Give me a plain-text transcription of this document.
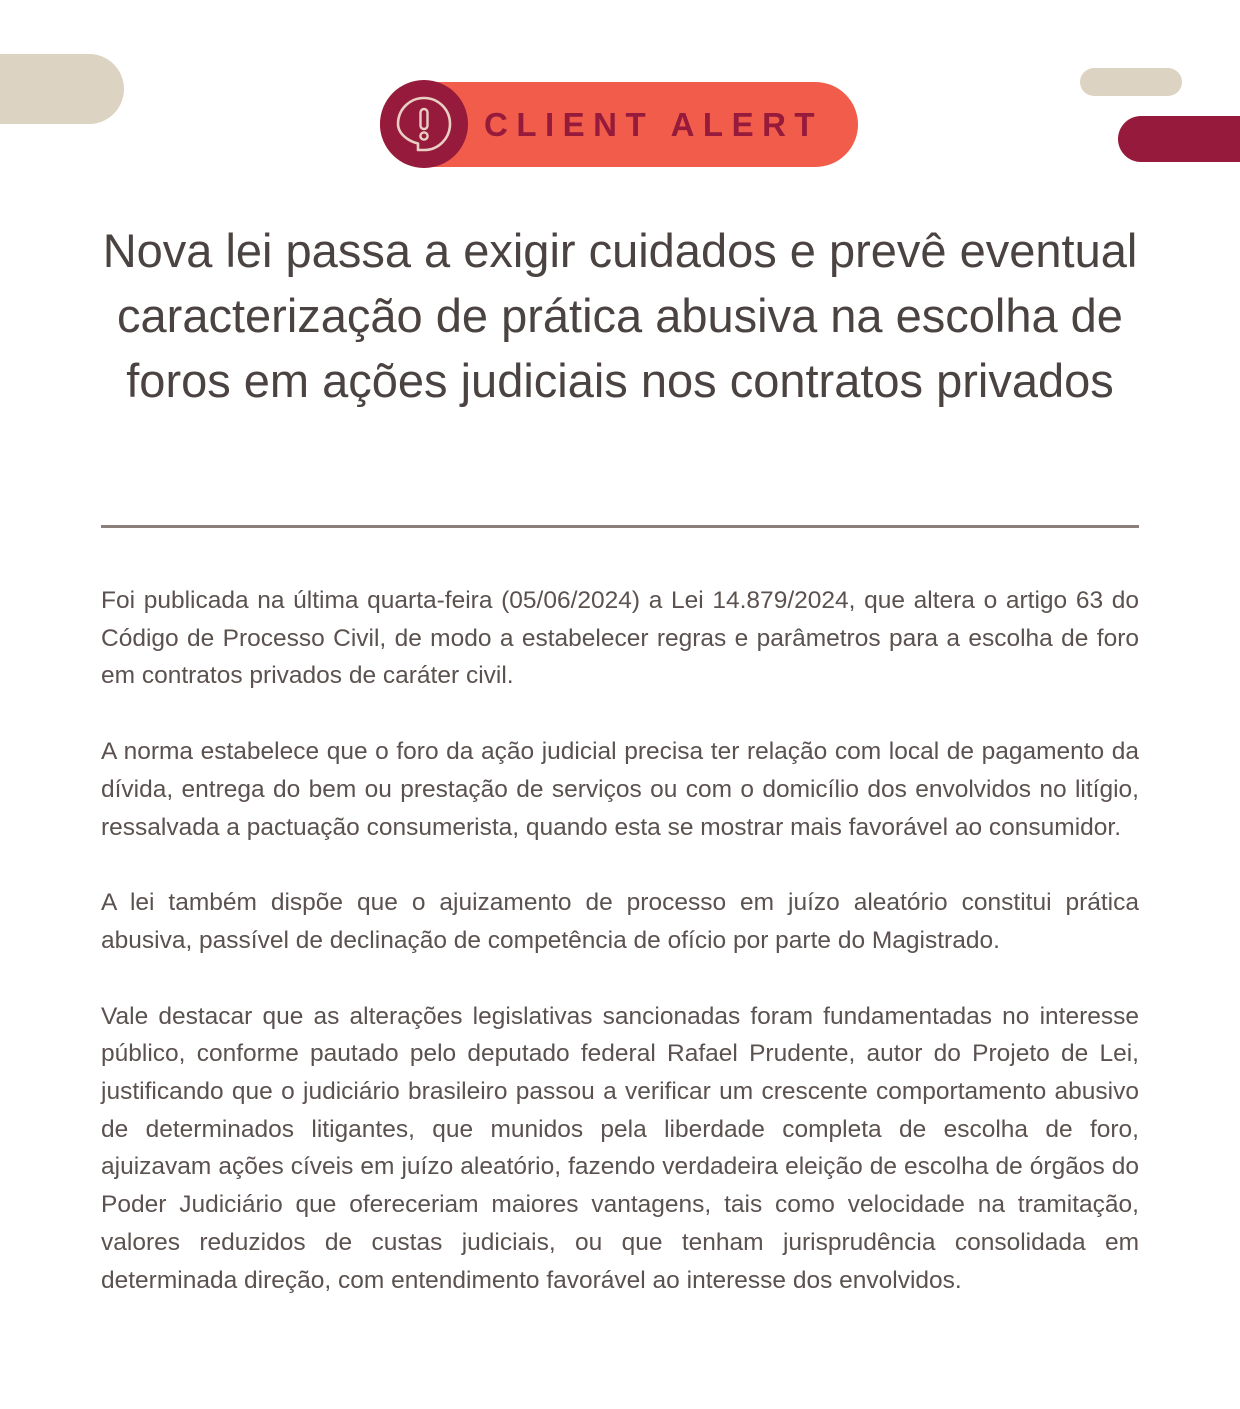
CLIENT ALERT
Nova lei passa a exigir cuidados e prevê eventual caracterização de prática abusiva na escolha de foros em ações judiciais nos contratos privados

Foi publicada na última quarta-feira (05/06/2024) a Lei 14.879/2024, que altera o artigo 63 do Código de Processo Civil, de modo a estabelecer regras e parâmetros para a escolha de foro em contratos privados de caráter civil.

A norma estabelece que o foro da ação judicial precisa ter relação com local de pagamento da dívida, entrega do bem ou prestação de serviços ou com o domicílio dos envolvidos no litígio, ressalvada a pactuação consumerista, quando esta se mostrar mais favorável ao consumidor.

A lei também dispõe que o ajuizamento de processo em juízo aleatório constitui prática abusiva, passível de declinação de competência de ofício por parte do Magistrado.

Vale destacar que as alterações legislativas sancionadas foram fundamentadas no interesse público, conforme pautado pelo deputado federal Rafael Prudente, autor do Projeto de Lei, justificando que o judiciário brasileiro passou a verificar um crescente comportamento abusivo de determinados litigantes, que munidos pela liberdade completa de escolha de foro, ajuizavam ações cíveis em juízo aleatório, fazendo verdadeira eleição de escolha de órgãos do Poder Judiciário que ofereceriam maiores vantagens, tais como velocidade na tramitação, valores reduzidos de custas judiciais, ou que tenham jurisprudência consolidada em determinada direção, com entendimento favorável ao interesse dos envolvidos.
